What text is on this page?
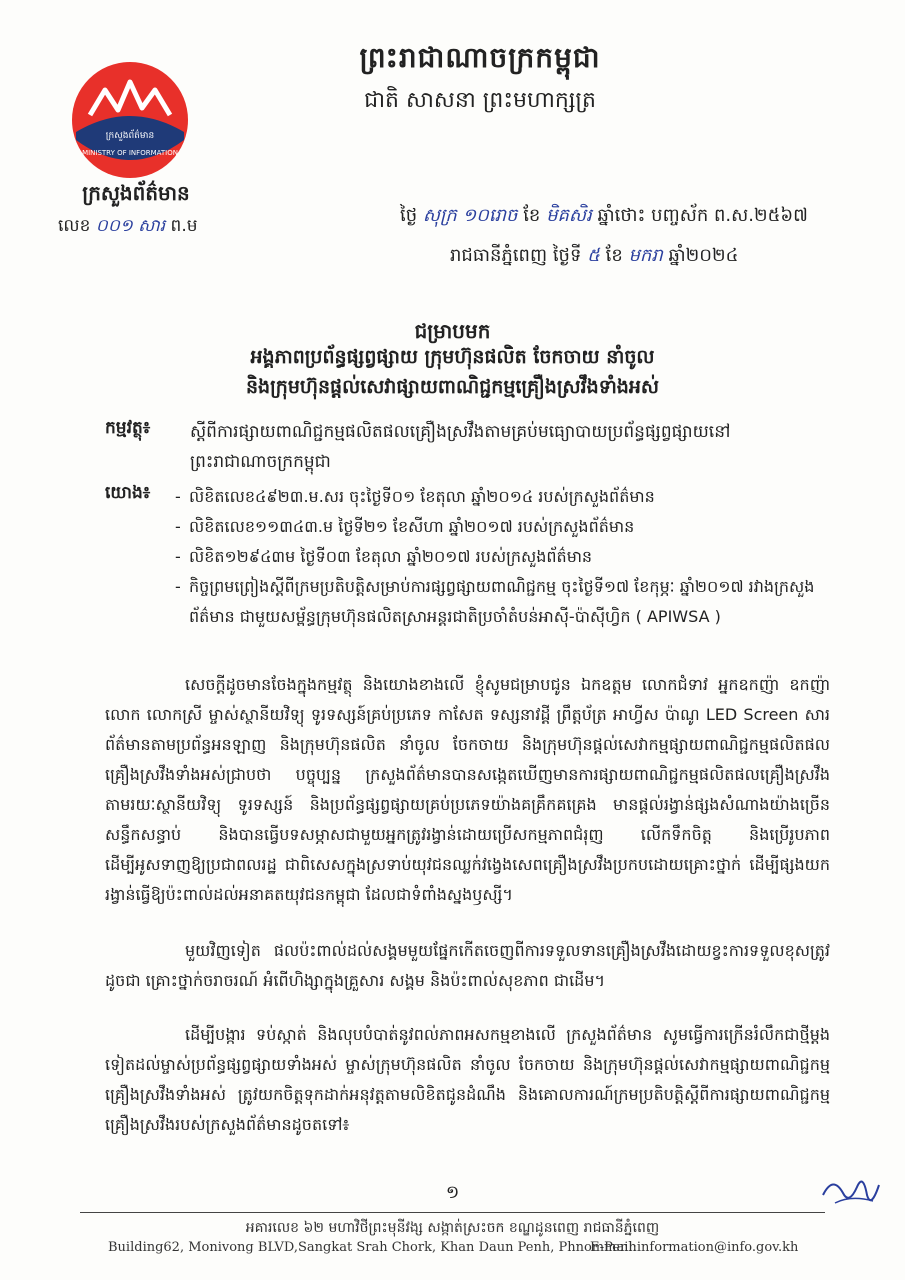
ព្រះរាជាណាចក្រកម្ពុជា
ជាតិ សាសនា ព្រះមហាក្សត្រ
ក្រសួងព័ត៌មាន
MINISTRY OF INFORMATION
ក្រសួងព័ត៌មាន
លេខ ០០១ សារ ព.ម	ថ្ងៃ សុក្រ ១០រោច ខែ មិគសិរ ឆ្នាំថោះ បញ្ចស័ក ព.ស.២៥៦៧
រាជធានីភ្នំពេញ ថ្ងៃទី ៥ ខែ មករា ឆ្នាំ២០២៤
ជម្រាបមក
អង្គភាពប្រព័ន្ធផ្សព្វផ្សាយ ក្រុមហ៊ុនផលិត ចែកចាយ នាំចូល
និងក្រុមហ៊ុនផ្តល់សេវាផ្សាយពាណិជ្ជកម្មគ្រឿងស្រវឹងទាំងអស់
កម្មវត្ថុ៖ ស្តីពីការផ្សាយពាណិជ្ជកម្មផលិតផលគ្រឿងស្រវឹងតាមគ្រប់មធ្យោបាយប្រព័ន្ធផ្សព្វផ្សាយនៅព្រះរាជាណាចក្រកម្ពុជា
យោង៖
-	លិខិតលេខ៤៩២៣.ម.សរ ចុះថ្ងៃទី០១ ខែតុលា ឆ្នាំ២០១៤ របស់ក្រសួងព័ត៌មាន
- លិខិតលេខ១១៣៤៣.ម ថ្ងៃទី២១ ខែសីហា ឆ្នាំ២០១៧ របស់ក្រសួងព័ត៌មាន
- លិខិត១២៩៤៣ម ថ្ងៃទី០៣ ខែតុលា ឆ្នាំ២០១៧ របស់ក្រសួងព័ត៌មាន
- កិច្ចព្រមព្រៀងស្តីពីក្រមប្រតិបត្តិសម្រាប់ការផ្សព្វផ្សាយពាណិជ្ជកម្ម ចុះថ្ងៃទី១៧ ខែកុម្ភៈ ឆ្នាំ២០១៧ រវាងក្រសួងព័ត៌មាន ជាមួយសម្ព័ន្ធក្រុមហ៊ុនផលិតស្រាអន្តរជាតិប្រចាំតំបន់អាស៊ី-ប៉ាស៊ីហ្វិក ( APIWSA )

សេចក្តីដូចមានចែងក្នុងកម្មវត្ថុ និងយោងខាងលើ ខ្ញុំសូមជម្រាបជូន ឯកឧត្តម លោកជំទាវ អ្នកឧកញ៉ា ឧកញ៉ា លោក លោកស្រី ម្ចាស់ស្ថានីយវិទ្យុ ទូរទស្សន៍គ្រប់ប្រភេទ កាសែត ទស្សនាវដ្តី ព្រឹត្តប័ត្រ អាហ្វីស ប៉ាណូ LED Screen សារព័ត៌មានតាមប្រព័ន្ធអនឡាញ និងក្រុមហ៊ុនផលិត នាំចូល ចែកចាយ និងក្រុមហ៊ុនផ្តល់សេវាកម្មផ្សាយពាណិជ្ជកម្មផលិតផលគ្រឿងស្រវឹងទាំងអស់ជ្រាបថា បច្ចុប្បន្ន ក្រសួងព័ត៌មានបានសង្កេតឃើញមានការផ្សាយពាណិជ្ជកម្មផលិតផលគ្រឿងស្រវឹងតាមរយៈស្ថានីយវិទ្យុ ទូរទស្សន៍ និងប្រព័ន្ធផ្សព្វផ្សាយគ្រប់ប្រភេទយ៉ាងគគ្រឹកគគ្រេង មានផ្តល់រង្វាន់ផ្សងសំណាងយ៉ាងច្រើនសន្ធឹកសន្ធាប់ និងបានធ្វើបទសម្ភាសជាមួយអ្នកត្រូវរង្វាន់ដោយប្រើសកម្មភាពជំរុញ លើកទឹកចិត្ត និងប្រើរូបភាពដើម្បីអូសទាញឱ្យប្រជាពលរដ្ឋ ជាពិសេសក្នុងស្រទាប់យុវជនឈ្លក់វង្វេងសេពគ្រឿងស្រវឹងប្រកបដោយគ្រោះថ្នាក់ ដើម្បីផ្សងយករង្វាន់ធ្វើឱ្យប៉ះពាល់ដល់អនាគតយុវជនកម្ពុជា ដែលជាទំពាំងស្នងឫស្សី។

មួយវិញទៀត ផលប៉ះពាល់ដល់សង្គមមួយផ្នែកកើតចេញពីការទទួលទានគ្រឿងស្រវឹងដោយខ្វះការទទួលខុសត្រូវដូចជា គ្រោះថ្នាក់ចរាចរណ៍ អំពើហិង្សាក្នុងគ្រួសារ សង្គម និងប៉ះពាល់សុខភាព ជាដើម។

ដើម្បីបង្ការ ទប់ស្កាត់ និងលុបបំបាត់នូវពល់ភាពអសកម្មខាងលើ ក្រសួងព័ត៌មាន សូមធ្វើការក្រើនរំលឹកជាថ្មីម្តងទៀតដល់ម្ចាស់ប្រព័ន្ធផ្សព្វផ្សាយទាំងអស់ ម្ចាស់ក្រុមហ៊ុនផលិត នាំចូល ចែកចាយ និងក្រុមហ៊ុនផ្តល់សេវាកម្មផ្សាយពាណិជ្ជកម្មគ្រឿងស្រវឹងទាំងអស់ ត្រូវយកចិត្តទុកដាក់អនុវត្តតាមលិខិតជូនដំណឹង និងគោលការណ៍ក្រមប្រតិបត្តិស្តីពីការផ្សាយពាណិជ្ជកម្មគ្រឿងស្រវឹងរបស់ក្រសួងព័ត៌មានដូចតទៅ៖

១
អគារលេខ ៦២ មហាវិថីព្រះមុនីវង្ស សង្កាត់ស្រះចក ខណ្ឌដូនពេញ រាជធានីភ្នំពេញ
Building62, Monivong BLVD,Sangkat Srah Chork, Khan Daun Penh, PhnomPenh
E-mail:information@info.gov.kh
